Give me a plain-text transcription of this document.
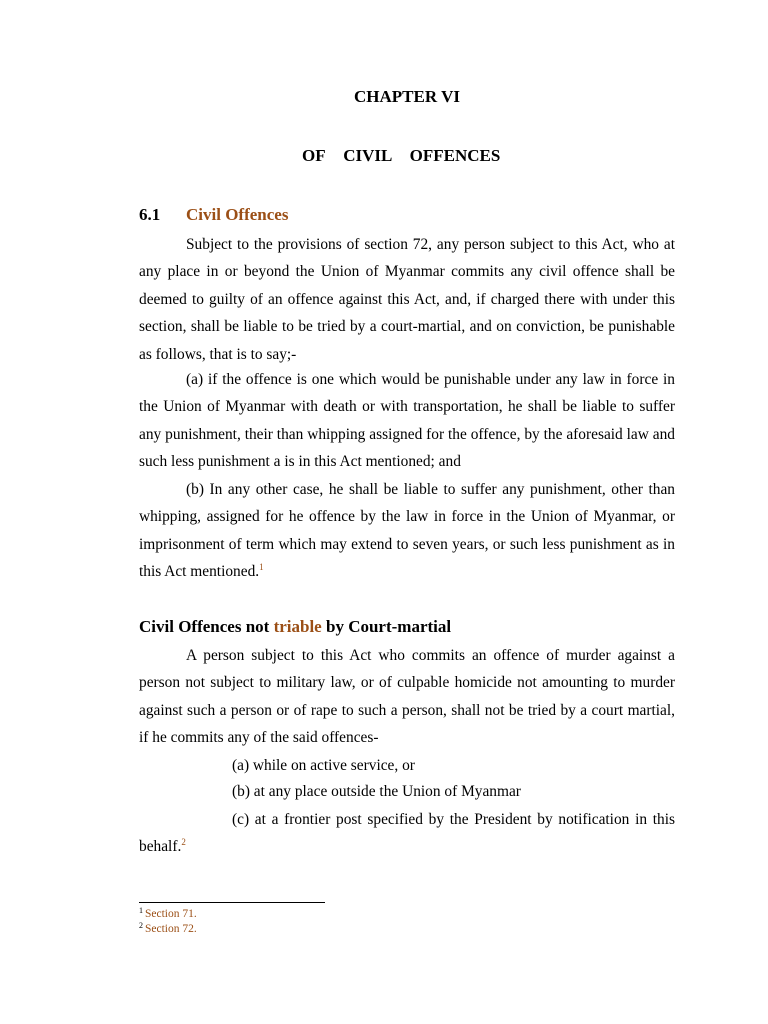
CHAPTER VI
OF CIVIL OFFENCES
6.1 Civil Offences

Subject to the provisions of section 72, any person subject to this Act, who at any place in or beyond the Union of Myanmar commits any civil offence shall be deemed to guilty of an offence against this Act, and, if charged there with under this section, shall be liable to be tried by a court-martial, and on conviction, be punishable as follows, that is to say;-

(a) if the offence is one which would be punishable under any law in force in the Union of Myanmar with death or with transportation, he shall be liable to suffer any punishment, their than whipping assigned for the offence, by the aforesaid law and such less punishment a is in this Act mentioned; and

(b) In any other case, he shall be liable to suffer any punishment, other than whipping, assigned for he offence by the law in force in the Union of Myanmar, or imprisonment of term which may extend to seven years, or such less punishment as in this Act mentioned.$^1$

Civil Offences not triable by Court-martial

A person subject to this Act who commits an offence of murder against a person not subject to military law, or of culpable homicide not amounting to murder against such a person or of rape to such a person, shall not be tried by a court martial, if he commits any of the said offences-

(a) while on active service, or
(b) at any place outside the Union of Myanmar

(c) at a frontier post specified by the President by notification in this behalf.$^2$

$^1$ Section 71.
$^2$ Section 72.
